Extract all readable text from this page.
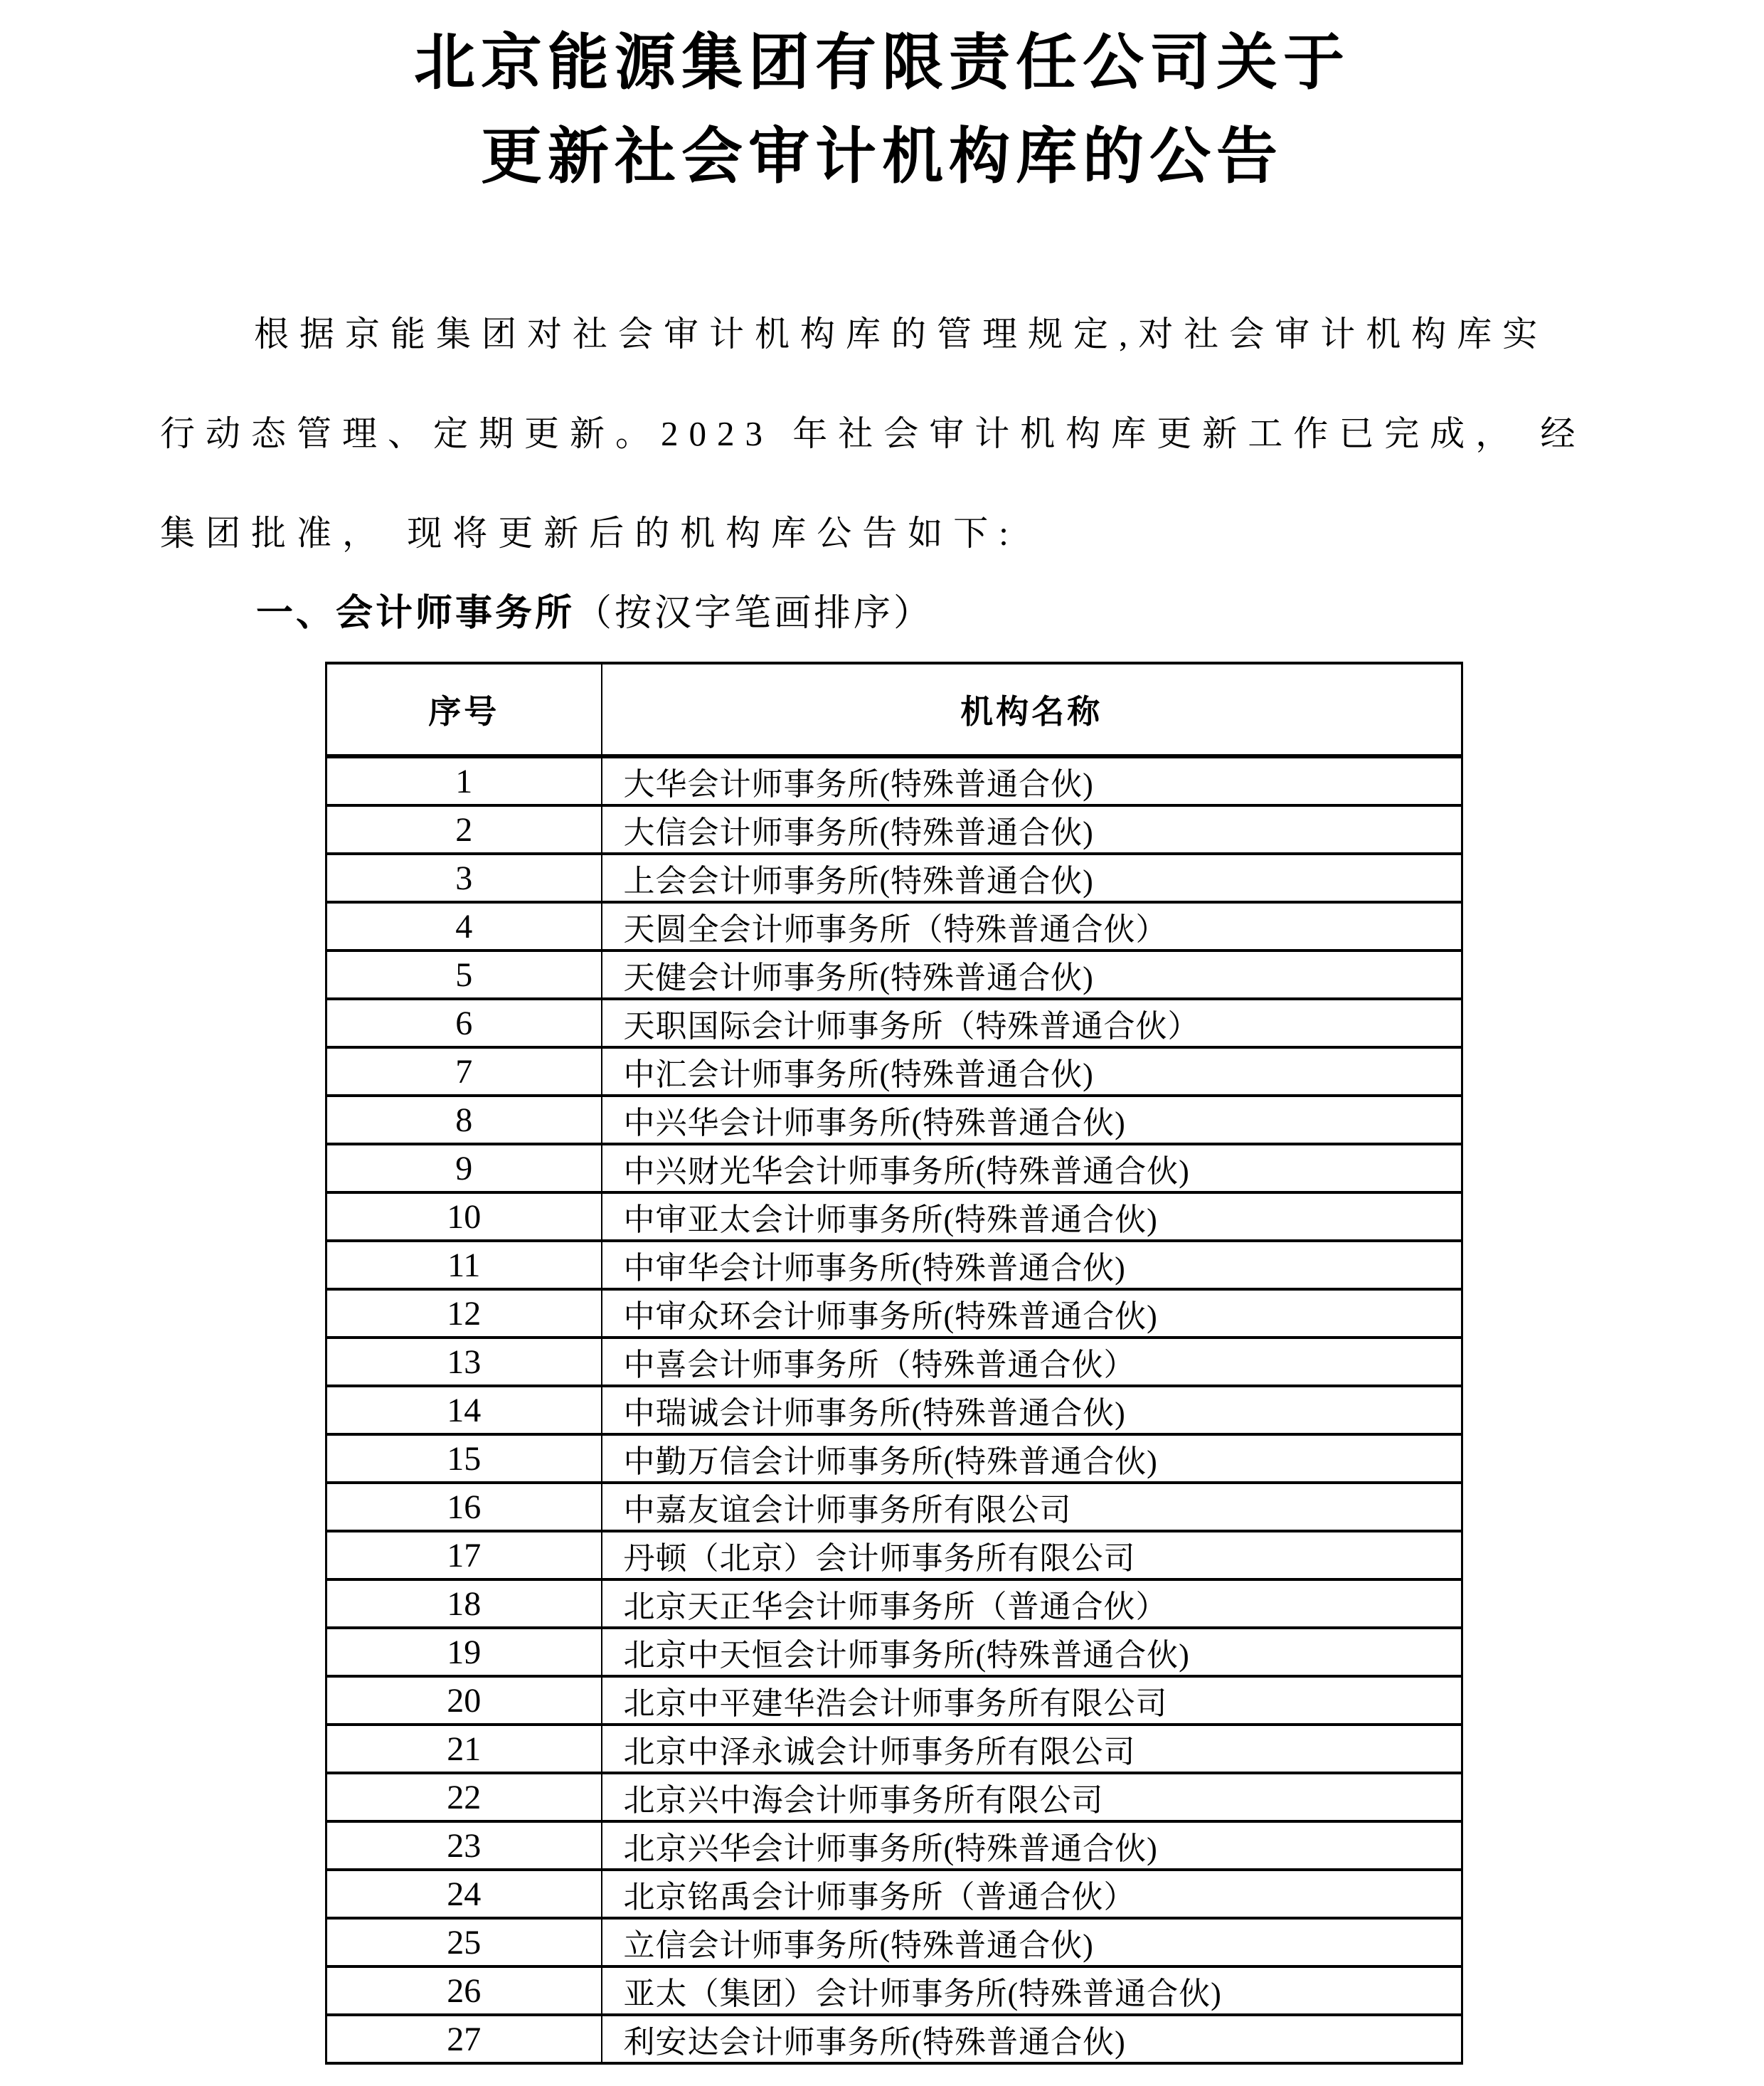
北京能源集团有限责任公司关于
更新社会审计机构库的公告
根据京能集团对社会审计机构库的管理规定,对社会审计机构库实
行动态管理、定期更新。2023 年社会审计机构库更新工作已完成， 经
集团批准， 现将更新后的机构库公告如下:
一、会计师事务所（按汉字笔画排序）
序号	机构名称
1	大华会计师事务所(特殊普通合伙)
2	大信会计师事务所(特殊普通合伙)
3	上会会计师事务所(特殊普通合伙)
4	天圆全会计师事务所（特殊普通合伙）
5	天健会计师事务所(特殊普通合伙)
6	天职国际会计师事务所（特殊普通合伙）
7	中汇会计师事务所(特殊普通合伙)
8	中兴华会计师事务所(特殊普通合伙)
9	中兴财光华会计师事务所(特殊普通合伙)
10	中审亚太会计师事务所(特殊普通合伙)
11	中审华会计师事务所(特殊普通合伙)
12	中审众环会计师事务所(特殊普通合伙)
13	中喜会计师事务所（特殊普通合伙）
14	中瑞诚会计师事务所(特殊普通合伙)
15	中勤万信会计师事务所(特殊普通合伙)
16	中嘉友谊会计师事务所有限公司
17	丹顿（北京）会计师事务所有限公司
18	北京天正华会计师事务所（普通合伙）
19	北京中天恒会计师事务所(特殊普通合伙)
20	北京中平建华浩会计师事务所有限公司
21	北京中泽永诚会计师事务所有限公司
22	北京兴中海会计师事务所有限公司
23	北京兴华会计师事务所(特殊普通合伙)
24	北京铭禹会计师事务所（普通合伙）
25	立信会计师事务所(特殊普通合伙)
26	亚太（集团）会计师事务所(特殊普通合伙)
27	利安达会计师事务所(特殊普通合伙)
